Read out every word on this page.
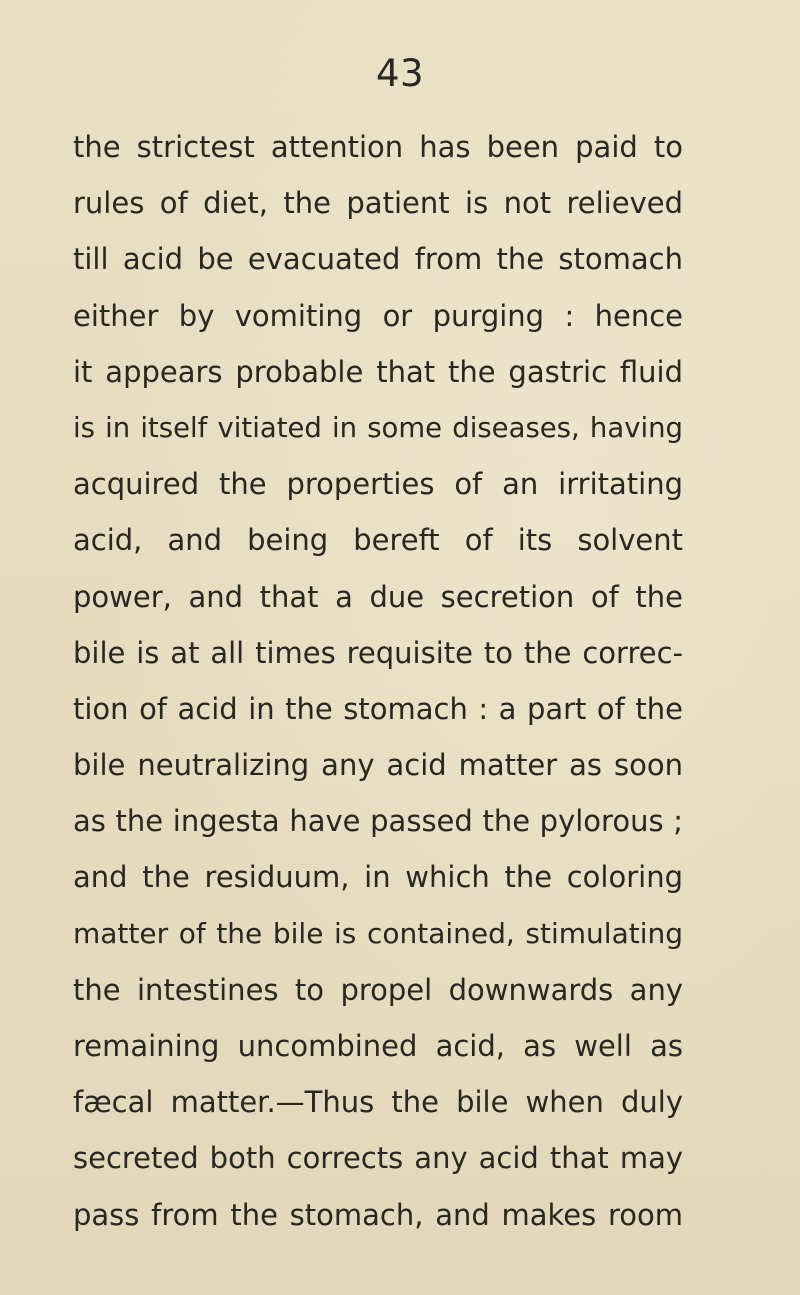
43
the strictest attention has been paid to
rules of diet, the patient is not relieved
till acid be evacuated from the stomach
either by vomiting or purging : hence
it appears probable that the gastric fluid
is in itself vitiated in some diseases, having
acquired the properties of an irritating
acid, and being bereft of its solvent
power, and that a due secretion of the
bile is at all times requisite to the correc-
tion of acid in the stomach : a part of the
bile neutralizing any acid matter as soon
as the ingesta have passed the pylorous ;
and the residuum, in which the coloring
matter of the bile is contained, stimulating
the intestines to propel downwards any
remaining uncombined acid, as well as
fæcal matter.—Thus the bile when duly
secreted both corrects any acid that may
pass from the stomach, and makes room
